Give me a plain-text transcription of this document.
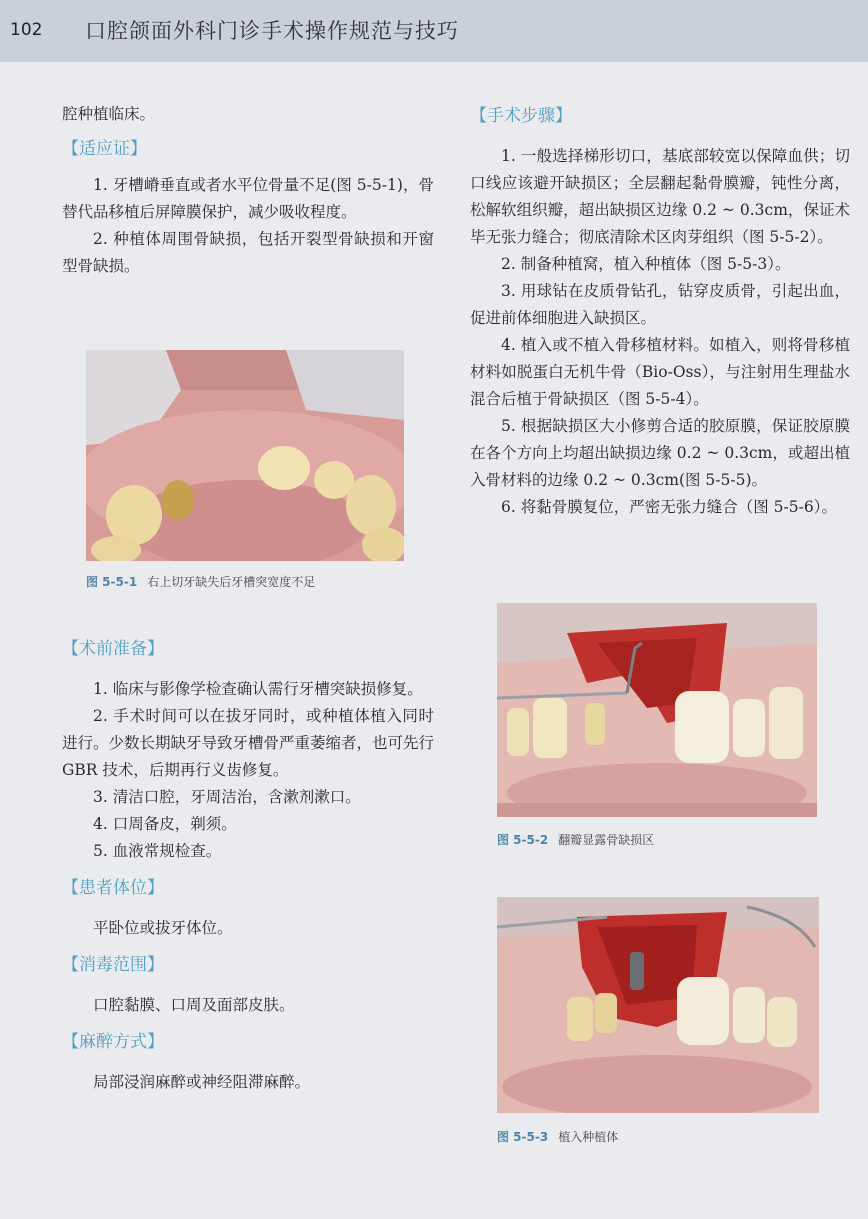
102 口腔颌面外科门诊手术操作规范与技巧

腔种植临床。

【适应证】

1. 牙槽嵴垂直或者水平位骨量不足(图 5-5-1)，骨替代品移植后屏障膜保护，减少吸收程度。

2. 种植体周围骨缺损，包括开裂型骨缺损和开窗型骨缺损。

图 5-5-1 右上切牙缺失后牙槽突宽度不足
【术前准备】

1. 临床与影像学检查确认需行牙槽突缺损修复。

2. 手术时间可以在拔牙同时，或种植体植入同时进行。少数长期缺牙导致牙槽骨严重萎缩者，也可先行 GBR 技术，后期再行义齿修复。

3. 清洁口腔，牙周洁治，含漱剂漱口。

4. 口周备皮，剃须。

5. 血液常规检查。

【患者体位】

平卧位或拔牙体位。

【消毒范围】

口腔黏膜、口周及面部皮肤。

【麻醉方式】

局部浸润麻醉或神经阻滞麻醉。

【手术步骤】

1. 一般选择梯形切口，基底部较宽以保障血供；切口线应该避开缺损区；全层翻起黏骨膜瓣，钝性分离，松解软组织瓣，超出缺损区边缘 0.2 ~ 0.3cm，保证术毕无张力缝合；彻底清除术区肉芽组织（图 5-5-2）。

2. 制备种植窝，植入种植体（图 5-5-3）。

3. 用球钻在皮质骨钻孔，钻穿皮质骨，引起出血，促进前体细胞进入缺损区。

4. 植入或不植入骨移植材料。如植入，则将骨移植材料如脱蛋白无机牛骨（Bio-Oss），与注射用生理盐水混合后植于骨缺损区（图 5-5-4）。

5. 根据缺损区大小修剪合适的胶原膜，保证胶原膜在各个方向上均超出缺损边缘 0.2 ~ 0.3cm，或超出植入骨材料的边缘 0.2 ~ 0.3cm(图 5-5-5)。

6. 将黏骨膜复位，严密无张力缝合（图 5-5-6）。

图 5-5-2 翻瓣显露骨缺损区
图 5-5-3 植入种植体
